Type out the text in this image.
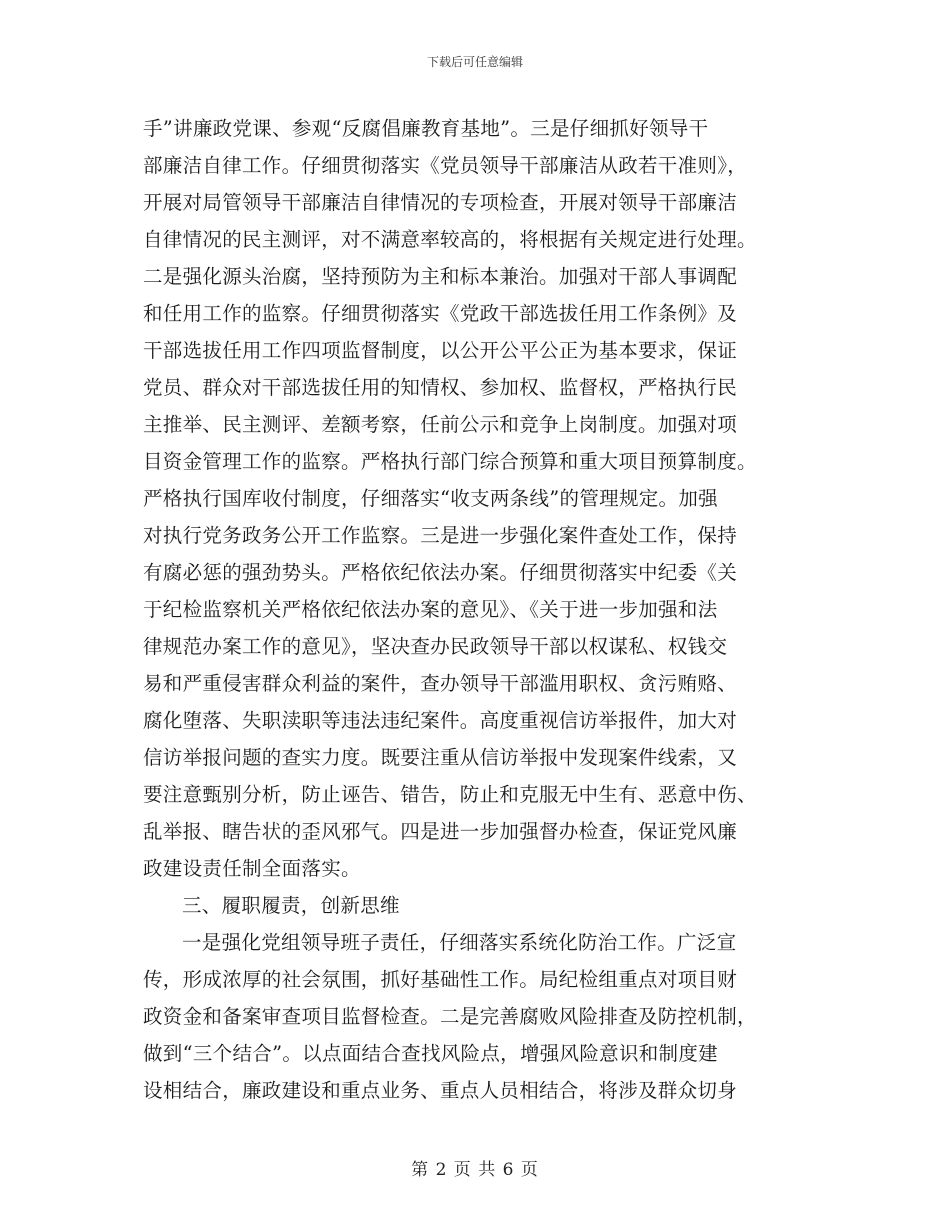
下载后可任意编辑
手”讲廉政党课、参观“反腐倡廉教育基地”。三是仔细抓好领导干
部廉洁自律工作。仔细贯彻落实《党员领导干部廉洁从政若干准则》，
开展对局管领导干部廉洁自律情况的专项检查，开展对领导干部廉洁
自律情况的民主测评，对不满意率较高的，将根据有关规定进行处理。
二是强化源头治腐，坚持预防为主和标本兼治。加强对干部人事调配
和任用工作的监察。仔细贯彻落实《党政干部选拔任用工作条例》及
干部选拔任用工作四项监督制度，以公开公平公正为基本要求，保证
党员、群众对干部选拔任用的知情权、参加权、监督权，严格执行民
主推举、民主测评、差额考察，任前公示和竞争上岗制度。加强对项
目资金管理工作的监察。严格执行部门综合预算和重大项目预算制度。
严格执行国库收付制度，仔细落实“收支两条线”的管理规定。加强
对执行党务政务公开工作监察。三是进一步强化案件查处工作，保持
有腐必惩的强劲势头。严格依纪依法办案。仔细贯彻落实中纪委《关
于纪检监察机关严格依纪依法办案的意见》、《关于进一步加强和法
律规范办案工作的意见》，坚决查办民政领导干部以权谋私、权钱交
易和严重侵害群众利益的案件，查办领导干部滥用职权、贪污贿赂、
腐化堕落、失职渎职等违法违纪案件。高度重视信访举报件，加大对
信访举报问题的查实力度。既要注重从信访举报中发现案件线索，又
要注意甄别分析，防止诬告、错告，防止和克服无中生有、恶意中伤、
乱举报、瞎告状的歪风邪气。四是进一步加强督办检查，保证党风廉
政建设责任制全面落实。
三、履职履责，创新思维
一是强化党组领导班子责任，仔细落实系统化防治工作。广泛宣
传，形成浓厚的社会氛围，抓好基础性工作。局纪检组重点对项目财
政资金和备案审查项目监督检查。二是完善腐败风险排查及防控机制，
做到“三个结合”。以点面结合查找风险点，增强风险意识和制度建
设相结合，廉政建设和重点业务、重点人员相结合，将涉及群众切身
第 2 页 共 6 页
